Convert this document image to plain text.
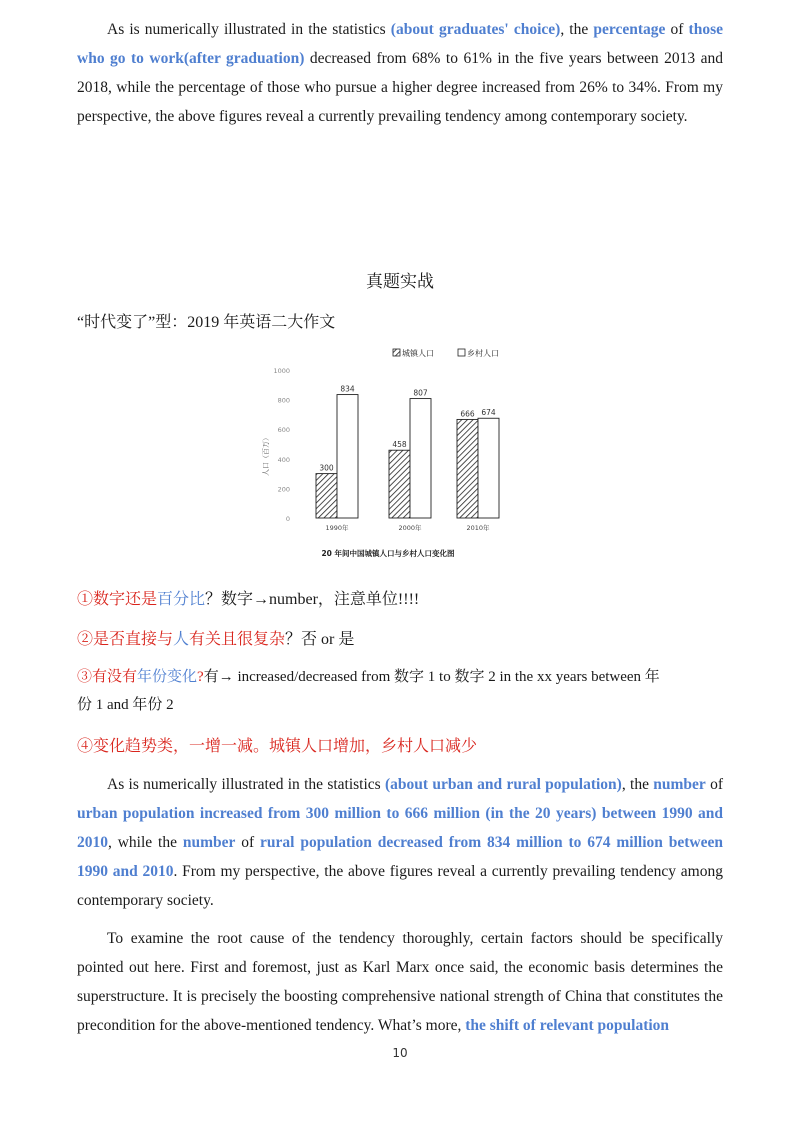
As is numerically illustrated in the statistics (about graduates' choice), the percentage of those who go to work(after graduation) decreased from 68% to 61% in the five years between 2013 and 2018, while the percentage of those who pursue a higher degree increased from 26% to 34%. From my perspective, the above figures reveal a currently prevailing tendency among contemporary society.
真题实战
“时代变了”型：2019 年英语二大作文
城镇人口	乡村人口
人口（百万）
0
200
400
600
800
1000
300
834
1990年
458
807
2000年
666 674
2010年
20 年间中国城镇人口与乡村人口变化图
①数字还是百分比？数字→number，注意单位!!!!
②是否直接与人有关且很复杂？否 or 是
③有没有年份变化?有→ increased/decreased from 数字 1 to 数字 2 in the xx years between 年
份 1 and 年份 2
④变化趋势类，一增一减。城镇人口增加，乡村人口减少
As is numerically illustrated in the statistics (about urban and rural population), the number of urban population increased from 300 million to 666 million (in the 20 years) between 1990 and 2010, while the number of rural population decreased from 834 million to 674 million between 1990 and 2010. From my perspective, the above figures reveal a currently prevailing tendency among contemporary society.
To examine the root cause of the tendency thoroughly, certain factors should be specifically pointed out here. First and foremost, just as Karl Marx once said, the economic basis determines the superstructure. It is precisely the boosting comprehensive national strength of China that constitutes the precondition for the above-mentioned tendency. What’s more, the shift of relevant population
10
